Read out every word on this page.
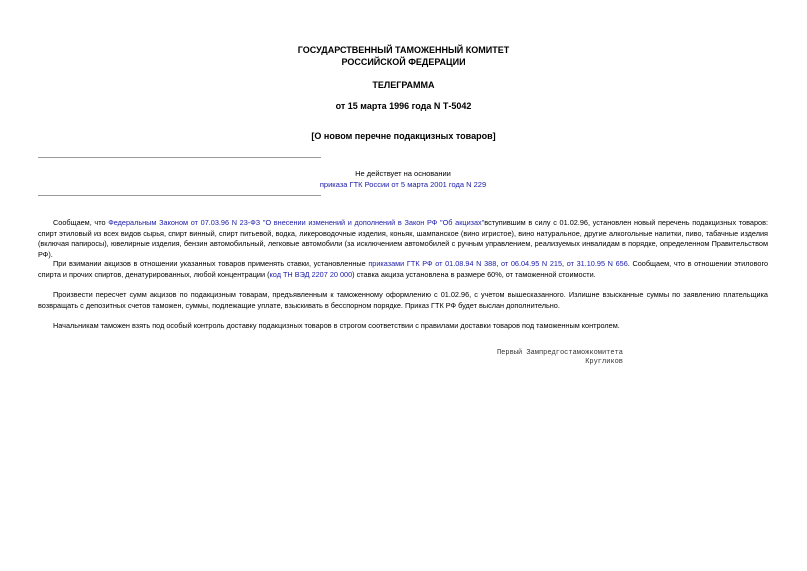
ГОСУДАРСТВЕННЫЙ ТАМОЖЕННЫЙ КОМИТЕТ
РОССИЙСКОЙ ФЕДЕРАЦИИ
ТЕЛЕГРАММА
от 15 марта 1996 года N Т-5042
[О новом перечне подакцизных товаров]
Не действует на основании
приказа ГТК России от 5 марта 2001 года N 229
Сообщаем, что Федеральным Законом от 07.03.96 N 23-ФЗ "О внесении изменений и дополнений в Закон РФ "Об акцизах"вступившим в силу с 01.02.96, установлен новый перечень подакцизных товаров: спирт этиловый из всех видов сырья, спирт винный, спирт питьевой, водка, ликероводочные изделия, коньяк, шампанское (вино игристое), вино натуральное, другие алкогольные напитки, пиво, табачные изделия (включая папиросы), ювелирные изделия, бензин автомобильный, легковые автомобили (за исключением автомобилей с ручным управлением, реализуемых инвалидам в порядке, определенном Правительством РФ).
При взимании акцизов в отношении указанных товаров применять ставки, установленные приказами ГТК РФ от 01.08.94 N 388, от 06.04.95 N 215, от 31.10.95 N 656. Сообщаем, что в отношении этилового спирта и прочих спиртов, денатурированных, любой концентрации (код ТН ВЭД 2207 20 000) ставка акциза установлена в размере 60%, от таможенной стоимости.
Произвести пересчет сумм акцизов по подакцизным товарам, предъявленным к таможенному оформлению с 01.02.96, с учетом вышесказанного. Излишне взысканные суммы по заявлению плательщика возвращать с депозитных счетов таможен, суммы, подлежащие уплате, взыскивать в бесспорном порядке. Приказ ГТК РФ будет выслан дополнительно.
Начальникам таможен взять под особый контроль доставку подакцизных товаров в строгом соответствии с правилами доставки товаров под таможенным контролем.
Первый Зампредгостаможкомитета
Кругликов
